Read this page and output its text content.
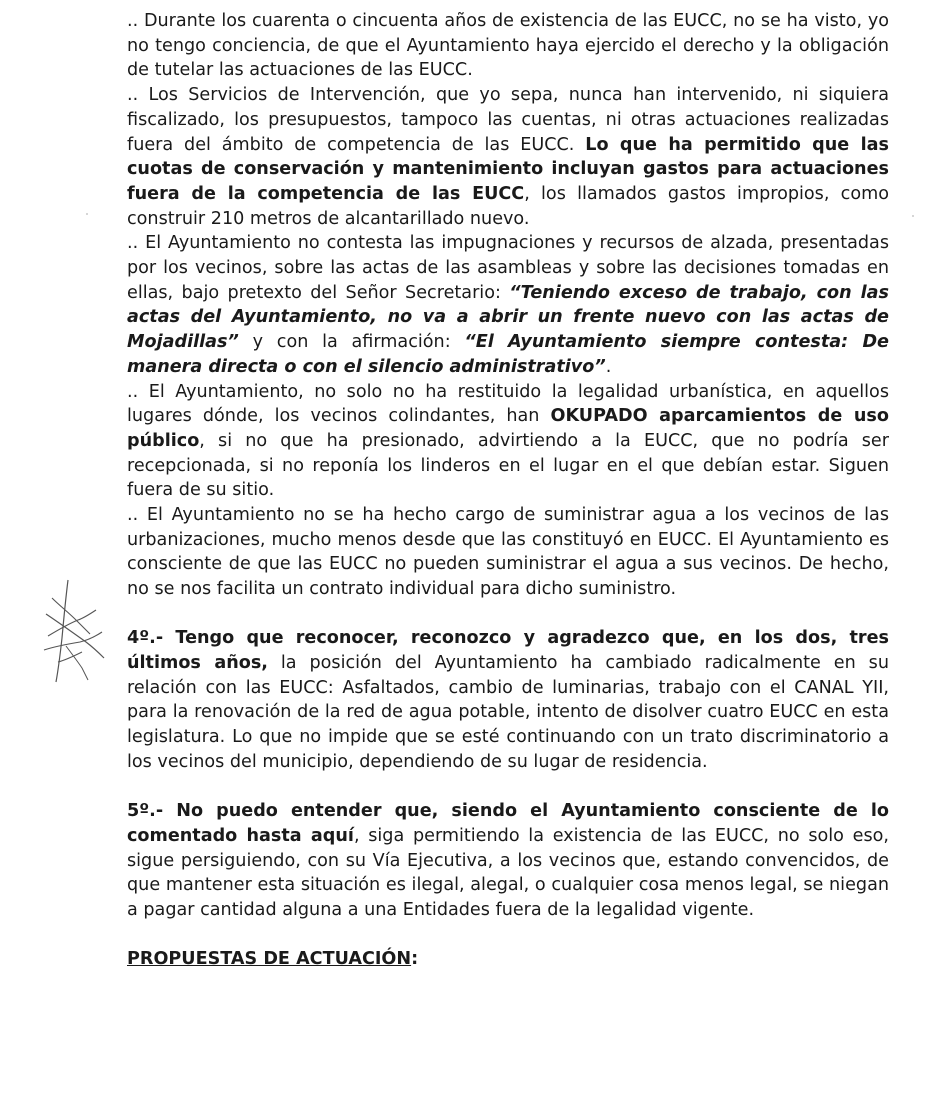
.. Durante los cuarenta o cincuenta años de existencia de las EUCC, no se ha visto, yo no tengo conciencia, de que el Ayuntamiento haya ejercido el derecho y la obligación de tutelar las actuaciones de las EUCC.

.. Los Servicios de Intervención, que yo sepa, nunca han intervenido, ni siquiera fiscalizado, los presupuestos, tampoco las cuentas, ni otras actuaciones realizadas fuera del ámbito de competencia de las EUCC. Lo que ha permitido que las cuotas de conservación y mantenimiento incluyan gastos para actuaciones fuera de la competencia de las EUCC, los llamados gastos impropios, como construir 210 metros de alcantarillado nuevo.

.. El Ayuntamiento no contesta las impugnaciones y recursos de alzada, presentadas por los vecinos, sobre las actas de las asambleas y sobre las decisiones tomadas en ellas, bajo pretexto del Señor Secretario: “Teniendo exceso de trabajo, con las actas del Ayuntamiento, no va a abrir un frente nuevo con las actas de Mojadillas” y con la afirmación: “El Ayuntamiento siempre contesta: De manera directa o con el silencio administrativo”.

.. El Ayuntamiento, no solo no ha restituido la legalidad urbanística, en aquellos lugares dónde, los vecinos colindantes, han OKUPADO aparcamientos de uso público, si no que ha presionado, advirtiendo a la EUCC, que no podría ser recepcionada, si no reponía los linderos en el lugar en el que debían estar. Siguen fuera de su sitio.

.. El Ayuntamiento no se ha hecho cargo de suministrar agua a los vecinos de las urbanizaciones, mucho menos desde que las constituyó en EUCC. El Ayuntamiento es consciente de que las EUCC no pueden suministrar el agua a sus vecinos. De hecho, no se nos facilita un contrato individual para dicho suministro.

4º.- Tengo que reconocer, reconozco y agradezco que, en los dos, tres últimos años, la posición del Ayuntamiento ha cambiado radicalmente en su relación con las EUCC: Asfaltados, cambio de luminarias, trabajo con el CANAL YII, para la renovación de la red de agua potable, intento de disolver cuatro EUCC en esta legislatura. Lo que no impide que se esté continuando con un trato discriminatorio a los vecinos del municipio, dependiendo de su lugar de residencia.

5º.- No puedo entender que, siendo el Ayuntamiento consciente de lo comentado hasta aquí, siga permitiendo la existencia de las EUCC, no solo eso, sigue persiguiendo, con su Vía Ejecutiva, a los vecinos que, estando convencidos, de que mantener esta situación es ilegal, alegal, o cualquier cosa menos legal, se niegan a pagar cantidad alguna a una Entidades fuera de la legalidad vigente.

PROPUESTAS DE ACTUACIÓN:
